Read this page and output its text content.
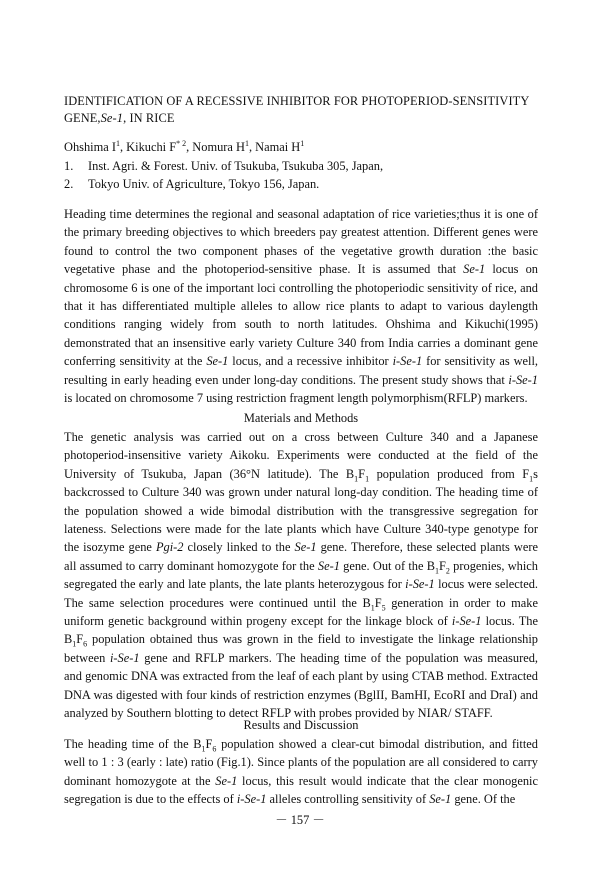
IDENTIFICATION OF A RECESSIVE INHIBITOR FOR PHOTOPERIOD-SENSITIVITY GENE,Se-1, IN RICE
Ohshima $I^1$, Kikuchi $F^{* 2}$, Nomura $H^1$, Namai $H^1$
1.	Inst. Agri. & Forest. Univ. of Tsukuba, Tsukuba 305, Japan,
2.	Tokyo Univ. of Agriculture, Tokyo 156, Japan.
Heading time determines the regional and seasonal adaptation of rice varieties;thus it is one of the primary breeding objectives to which breeders pay greatest attention. Different genes were found to control the two component phases of the vegetative growth duration :the basic vegetative phase and the photoperiod-sensitive phase. It is assumed that Se-1 locus on chromosome 6 is one of the important loci controlling the photoperiodic sensitivity of rice, and that it has differentiated multiple alleles to allow rice plants to adapt to various daylength conditions ranging widely from south to north latitudes. Ohshima and Kikuchi(1995) demonstrated that an insensitive early variety Culture 340 from India carries a dominant gene conferring sensitivity at the Se-1 locus, and a recessive inhibitor i-Se-1 for sensitivity as well, resulting in early heading even under long-day conditions. The present study shows that i-Se-1 is located on chromosome 7 using restriction fragment length polymorphism(RFLP) markers.
Materials and Methods
The genetic analysis was carried out on a cross between Culture 340 and a Japanese photoperiod-insensitive variety Aikoku. Experiments were conducted at the field of the University of Tsukuba, Japan (36°N latitude). The $B_1F_1$ population produced from $F_1s$ backcrossed to Culture 340 was grown under natural long-day condition. The heading time of the population showed a wide bimodal distribution with the transgressive segregation for lateness. Selections were made for the late plants which have Culture 340-type genotype for the isozyme gene Pgi-2 closely linked to the Se-1 gene. Therefore, these selected plants were all assumed to carry dominant homozygote for the Se-1 gene. Out of the $B_1F_2$ progenies, which segregated the early and late plants, the late plants heterozygous for i-Se-1 locus were selected. The same selection procedures were continued until the $B_1F_5$ generation in order to make uniform genetic background within progeny except for the linkage block of i-Se-1 locus. The $B_1F_6$ population obtained thus was grown in the field to investigate the linkage relationship between i-Se-1 gene and RFLP markers. The heading time of the population was measured, and genomic DNA was extracted from the leaf of each plant by using CTAB method. Extracted DNA was digested with four kinds of restriction enzymes (BglII, BamHI, EcoRI and DraI) and analyzed by Southern blotting to detect RFLP with probes provided by NIAR/ STAFF.
Results and Discussion
The heading time of the $B_1F_6$ population showed a clear-cut bimodal distribution, and fitted well to 1 : 3 (early : late) ratio (Fig.1). Since plants of the population are all considered to carry dominant homozygote at the Se-1 locus, this result would indicate that the clear monogenic segregation is due to the effects of i-Se-1 alleles controlling sensitivity of Se-1 gene. Of the
－ 157 －
